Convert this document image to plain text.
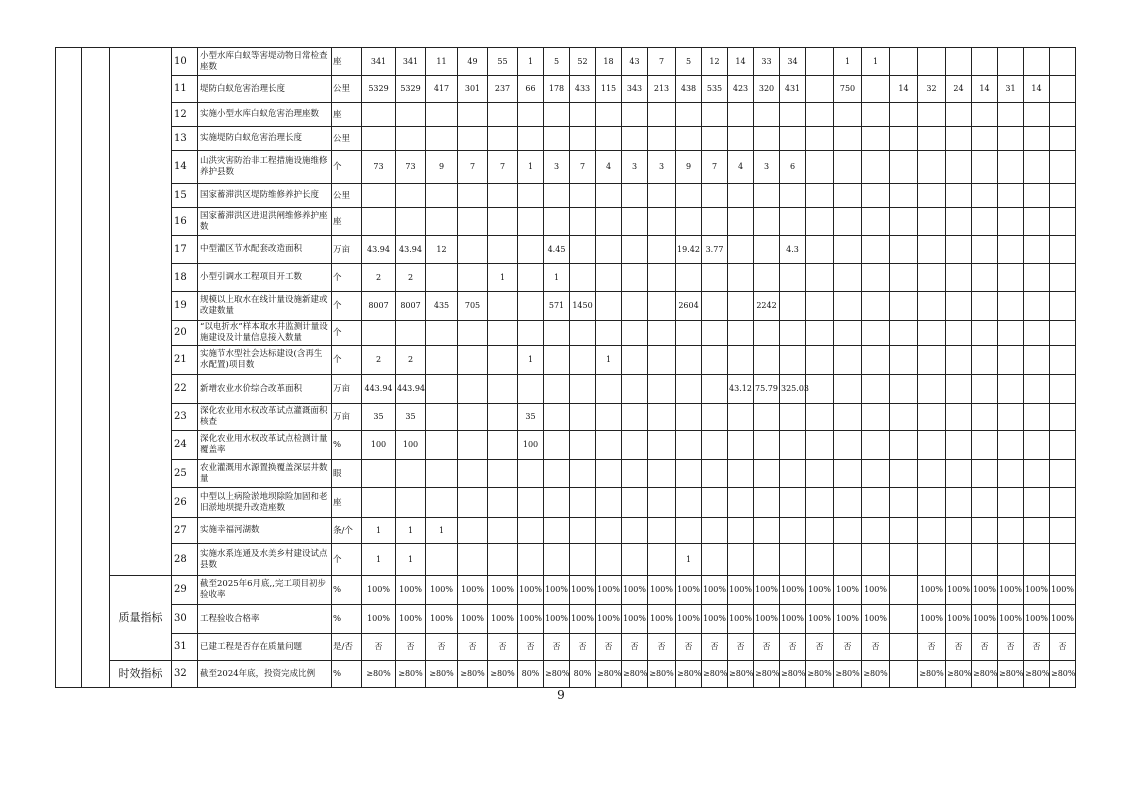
			10	小型水库白蚁等害堤动物日常检查座数	座	341	341	11	49	55	1	5	52	18	43	7	5	12	14	33	34		1	1							
			11	堤防白蚁危害治理长度	公里	5329	5329	417	301	237	66	178	433	115	343	213	438	535	423	320	431		750		14	32	24	14	31	14	
			12	实施小型水库白蚁危害治理座数	座																										
			13	实施堤防白蚁危害治理长度	公里																										
			14	山洪灾害防治非工程措施设施维修养护县数	个	73	73	9	7	7	1	3	7	4	3	3	9	7	4	3	6										
			15	国家蓄滞洪区堤防维修养护长度	公里																										
			16	国家蓄滞洪区进退洪闸维修养护座数	座																										
			17	中型灌区节水配套改造面积	万亩	43.94	43.94	12				4.45					19.42	3.77			4.3										
			18	小型引调水工程项目开工数	个	2	2			1		1																			
			19	规模以上取水在线计量设施新建或改建数量	个	8007	8007	435	705			571	1450				2604			2242											
			20	“以电折水”样本取水井监测计量设施建设及计量信息接入数量	个																										
			21	实施节水型社会达标建设(含再生水配置)项目数	个	2	2				1			1																	
			22	新增农业水价综合改革面积	万亩	443.94	443.94												43.12	75.79	325.03										
			23	深化农业用水权改革试点灌溉面积核查	万亩	35	35				35																				
			24	深化农业用水权改革试点检测计量覆盖率	%	100	100				100																				
			25	农业灌溉用水源置换覆盖深层井数量	眼																										
			26	中型以上病险淤地坝除险加固和老旧淤地坝提升改造座数	座																										
			27	实施幸福河湖数	条/个	1	1	1																							
			28	实施水系连通及水美乡村建设试点县数	个	1	1										1														
		质量指标	29	截至2025年6月底,,完工项目初步验收率	%	100%	100%	100%	100%	100%	100%	100%	100%	100%	100%	100%	100%	100%	100%	100%	100%	100%	100%	100%		100%	100%	100%	100%	100%	100%
			30	工程验收合格率	%	100%	100%	100%	100%	100%	100%	100%	100%	100%	100%	100%	100%	100%	100%	100%	100%	100%	100%	100%		100%	100%	100%	100%	100%	100%
			31	已建工程是否存在质量问题	是/否	否	否	否	否	否	否	否	否	否	否	否	否	否	否	否	否	否	否	否		否	否	否	否	否	否
		时效指标	32	截至2024年底，投资完成比例	%	≥80%	≥80%	≥80%	≥80%	≥80%	80%	≥80%	80%	≥80%	≥80%	≥80%	≥80%	≥80%	≥80%	≥80%	≥80%	≥80%	≥80%	≥80%		≥80%	≥80%	≥80%	≥80%	≥80%	≥80%
9
